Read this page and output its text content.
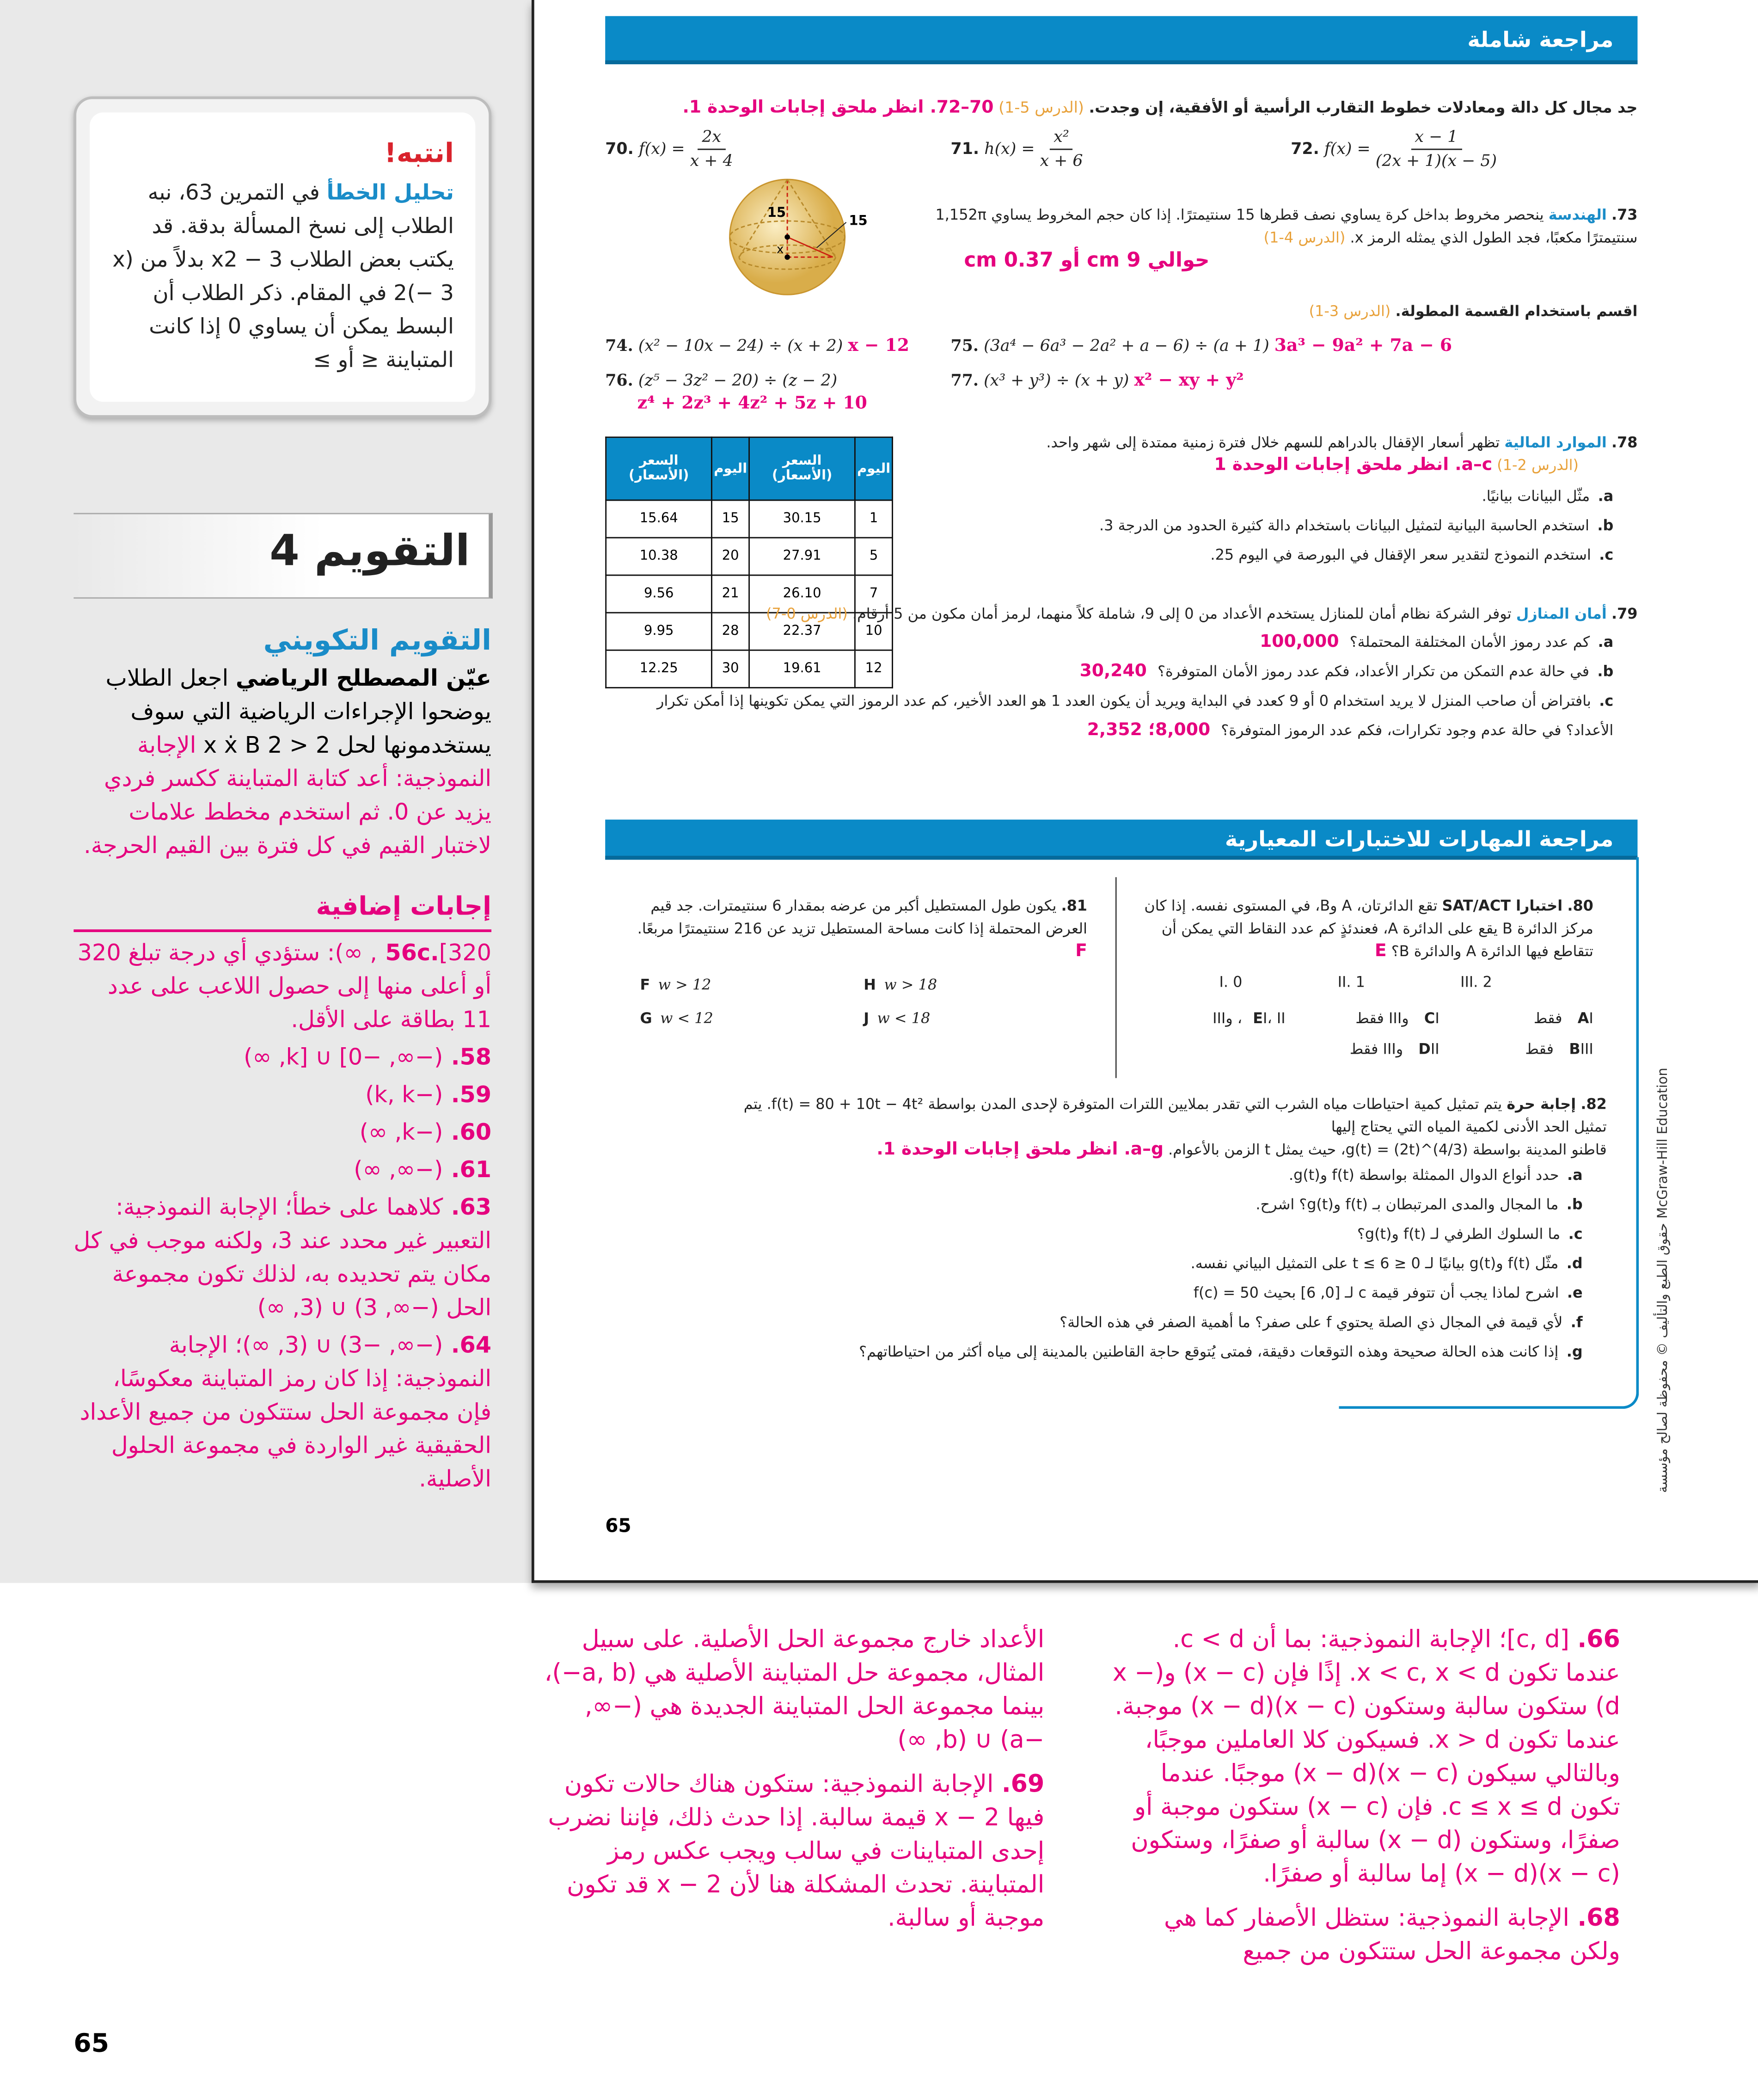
انتبه!
تحليل الخطأ في التمرين 63، نبه الطلاب إلى نسخ المسألة بدقة. قد يكتب بعض الطلاب x2 − 3 بدلاً من (x − 3)2 في المقام. ذكر الطلاب أن البسط يمكن أن يساوي 0 إذا كانت المتباينة ≤ أو ≥
4 التقويم
التقويم التكويني
عيّن المصطلح الرياضي اجعل الطلاب يوضحوا الإجراءات الرياضية التي سوف يستخدمونها لحل x ẋ B 2 > 2 الإجابة النموذجية: أعد كتابة المتباينة ككسر فردي يزيد عن 0. ثم استخدم مخطط علامات لاختبار القيم في كل فترة بين القيم الحرجة.
إجابات إضافية
56c.[320, ∞): ستؤدي أي درجة تبلغ 320 أو أعلى منها إلى حصول اللاعب على عدد 11 بطاقة على الأقل.
58.(−∞, −k] ∪ [0, ∞)
59.(−k, k)
60.(−k, ∞)
61.(−∞, ∞)
63.كلاهما على خطأ؛ الإجابة النموذجية: التعبير غير محدد عند 3، ولكنه موجب في كل مكان يتم تحديده به، لذلك تكون مجموعة الحل (−∞, 3) ∪ (3, ∞)
64.(−∞, −3) ∪ (3, ∞)؛ الإجابة النموذجية: إذا كان رمز المتباينة معكوسًا، فإن مجموعة الحل ستتكون من جميع الأعداد الحقيقية غير الواردة في مجموعة الحلول الأصلية.
مراجعة شاملة
جد مجال كل دالة ومعادلات خطوط التقارب الرأسية أو الأفقية، إن وجدت. (الدرس 5-1) 70–72. انظر ملحق إجابات الوحدة 1.
70. $f(x) = \frac{2x}{x + 4}$	71. $h(x) = \frac{\text{x²}}{x + 6}$	72. $f(x) = \frac{x - 1}{(2x + 1)(x - 5)}$
15
15
x
73. الهندسة ينحصر مخروط بداخل كرة يساوي نصف قطرها 15 سنتيمترًا. إذا كان حجم المخروط يساوي 1,152π سنتيمترًا مكعبًا، فجد الطول الذي يمثله الرمز x. (الدرس 4-1)
حوالي 9 cm أو 0.37 cm
اقسم باستخدام القسمة المطولة. (الدرس 3-1)
74. (x² − 10x − 24) ÷ (x + 2) x − 12	75. (3a⁴ − 6a³ − 2a² + a − 6) ÷ (a + 1) 3a³ − 9a² + 7a − 6
76. (z⁵ − 3z² − 20) ÷ (z − 2)
z⁴ + 2z³ + 4z² + 5z + 10
77. (x³ + y³) ÷ (x + y) x² − xy + y²
اليوم	السعر (الأسعار)	اليوم	السعر (الأسعار)
1	30.15	15	15.64
5	27.91	20	10.38
7	26.10	21	9.56
10	22.37	28	9.95
12	19.61	30	12.25
78. الموارد المالية تظهر أسعار الإقفال بالدراهم للسهم خلال فترة زمنية ممتدة إلى شهر واحد.
(الدرس 2-1) a–c. انظر ملحق إجابات الوحدة 1
a.مثّل البيانات بيانيًا.
b.استخدم الحاسبة البيانية لتمثيل البيانات باستخدام دالة كثيرة الحدود من الدرجة 3.
c.استخدم النموذج لتقدير سعر الإقفال في البورصة في اليوم 25.
79. أمان المنازل توفر الشركة نظام أمان للمنازل يستخدم الأعداد من 0 إلى 9، شاملة كلاً منهما، لرمز أمان مكون من 5 أرقام. (الدرس 0-7)
a.كم عدد رموز الأمان المختلفة المحتملة؟100,000
b.في حالة عدم التمكن من تكرار الأعداد، فكم عدد رموز الأمان المتوفرة؟30,240
c.بافتراض أن صاحب المنزل لا يريد استخدام 0 أو 9 كعدد في البداية ويريد أن يكون العدد 1 هو العدد الأخير، كم عدد الرموز التي يمكن تكوينها إذا أمكن تكرار الأعداد؟ في حالة عدم وجود تكرارات، فكم عدد الرموز المتوفرة؟8,000؛ 2,352
مراجعة المهارات للاختبارات المعيارية
80. اختبارا SAT/ACT تقع الدائرتان، A وB، في المستوى نفسه. إذا كان مركز الدائرة B يقع على الدائرة A، فعندئذٍ كم عدد النقاط التي يمكن أن تتقاطع فيها الدائرة A والدائرة B؟ E
I. 0	II. 1	III. 2
AI فقط
CI وIII فقط
EI، II، وIII
BIII فقط
DII وIII فقط
81. يكون طول المستطيل أكبر من عرضه بمقدار 6 سنتيمترات. جد قيم العرض المحتملة إذا كانت مساحة المستطيل تزيد عن 216 سنتيمترًا مربعًا. F
F w > 12	H w > 18
G w < 12	J w < 18
82. إجابة حرة يتم تمثيل كمية احتياطات مياه الشرب التي تقدر بملايين اللترات المتوفرة لإحدى المدن بواسطة f(t) = 80 + 10t − 4t². يتم
تمثيل الحد الأدنى لكمية المياه التي يحتاج إليها
قاطنو المدينة بواسطة g(t) = (2t)^(4/3)، حيث يمثل t الزمن بالأعوام. a–g. انظر ملحق إجابات الوحدة 1.
a.حدد أنواع الدوال الممثلة بواسطة f(t) وg(t).
b.ما المجال والمدى المرتبطان بـ f(t) وg(t)؟ اشرح.
c.ما السلوك الطرفي لـ f(t) وg(t)؟
d.مثّل f(t) وg(t) بيانيًا لـ 0 ≤ t ≤ 6 على التمثيل البياني نفسه.
e.اشرح لماذا يجب أن تتوفر قيمة c لـ [0, 6] بحيث f(c) = 50
f.لأي قيمة في المجال ذي الصلة يحتوي f على صفر؟ ما أهمية الصفر في هذه الحالة؟
g.إذا كانت هذه الحالة صحيحة وهذه التوقعات دقيقة، فمتى يُتوقع حاجة القاطنين بالمدينة إلى مياه أكثر من احتياطاتهم؟
65
حقوق الطبع والتأليف © محفوظة لصالح مؤسسة McGraw-Hill Education
66.[c, d]؛ الإجابة النموذجية: بما أن c < d. عندما تكون x < c, x < d. إذًا فإن (x − c) و(x − d) ستكون سالبة وستكون (x − c)(x − d) موجبة. عندما تكون x > d. فسيكون كلا العاملين موجبًا، وبالتالي سيكون (x − c)(x − d) موجبًا. عندما تكون c ≤ x ≤ d. فإن (x − c) ستكون موجبة أو صفرًا، وستكون (x − d) سالبة أو صفرًا، وستكون (x − c)(x − d) إما سالبة أو صفرًا.
68.الإجابة النموذجية: ستظل الأصفار كما هي ولكن مجموعة الحل ستتكون من جميع
الأعداد خارج مجموعة الحل الأصلية. على سبيل المثال، مجموعة حل المتباينة الأصلية هي (a, b−)، بينما مجموعة الحل المتباينة الجديدة هي (−∞, −a) ∪ (b, ∞)
69.الإجابة النموذجية: ستكون هناك حالات تكون فيها x − 2 قيمة سالبة. إذا حدث ذلك، فإننا نضرب إحدى المتباينات في سالب ويجب عكس رمز المتباينة. تحدث المشكلة هنا لأن x − 2 قد تكون موجبة أو سالبة.
65
